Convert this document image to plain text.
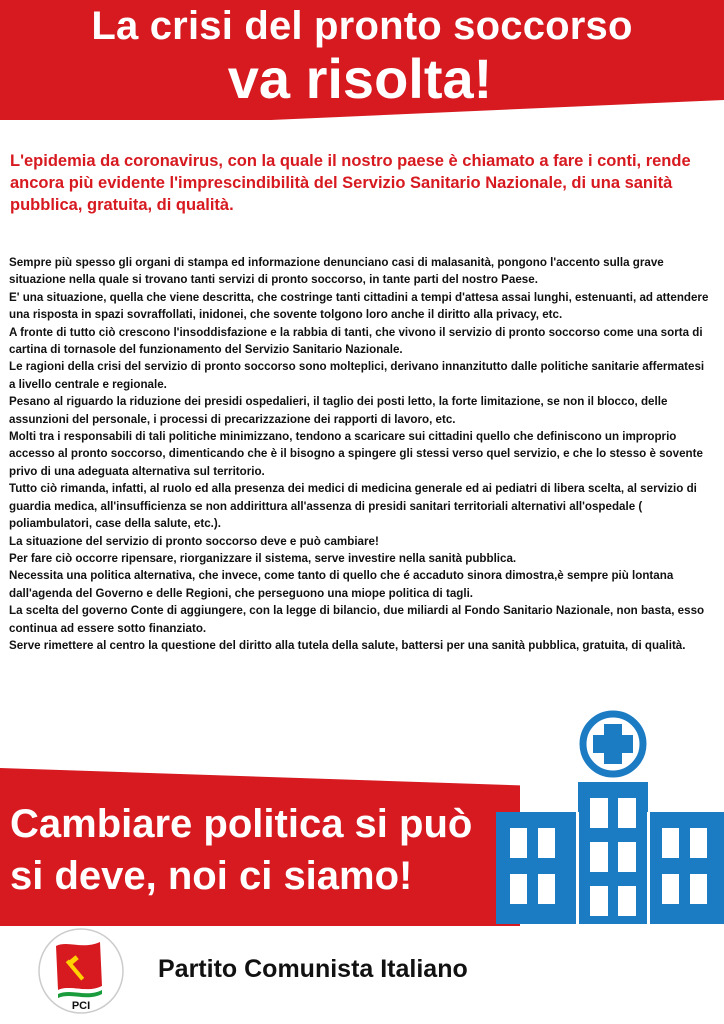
La crisi del pronto soccorso
va risolta!
L'epidemia da coronavirus, con la quale il nostro paese è chiamato a fare i conti, rende ancora più evidente l'imprescindibilità del Servizio Sanitario Nazionale, di una sanità pubblica, gratuita, di qualità.

Sempre più spesso gli organi di stampa ed informazione denunciano casi di malasanità, pongono l'accento sulla grave situazione nella quale si trovano tanti servizi di pronto soccorso, in tante parti del nostro Paese.

E' una situazione, quella che viene descritta, che costringe tanti cittadini a tempi d'attesa assai lunghi, estenuanti, ad attendere una risposta in spazi sovraffollati, inidonei, che sovente tolgono loro anche il diritto alla privacy, etc.

A fronte di tutto ciò crescono l'insoddisfazione e la rabbia di tanti, che vivono il servizio di pronto soccorso come una sorta di cartina di tornasole del funzionamento del Servizio Sanitario Nazionale.

Le ragioni della crisi del servizio di pronto soccorso sono molteplici, derivano innanzitutto dalle politiche sanitarie affermatesi a livello centrale e regionale.

Pesano al riguardo la riduzione dei presidi ospedalieri, il taglio dei posti letto, la forte limitazione, se non il blocco, delle assunzioni del personale, i processi di precarizzazione dei rapporti di lavoro, etc.

Molti tra i responsabili di tali politiche minimizzano, tendono a scaricare sui cittadini quello che definiscono un improprio accesso al pronto soccorso, dimenticando che è il bisogno a spingere gli stessi verso quel servizio, e che lo stesso è sovente privo di una adeguata alternativa sul territorio.

Tutto ciò rimanda, infatti, al ruolo ed alla presenza dei medici di medicina generale ed ai pediatri di libera scelta, al servizio di guardia medica, all'insufficienza se non addirittura all'assenza di presidi sanitari territoriali alternativi all'ospedale ( poliambulatori, case della salute, etc.).

La situazione del servizio di pronto soccorso deve e può cambiare!

Per fare ciò occorre ripensare, riorganizzare il sistema, serve investire nella sanità pubblica.

Necessita una politica alternativa, che invece, come tanto di quello che é accaduto sinora dimostra,è sempre più lontana dall'agenda del Governo e delle Regioni, che perseguono una miope politica di tagli.

La scelta del governo Conte di aggiungere, con la legge di bilancio, due miliardi al Fondo Sanitario Nazionale, non basta, esso continua ad essere sotto finanziato.

Serve rimettere al centro la questione del diritto alla tutela della salute, battersi per una sanità pubblica, gratuita, di qualità.

Cambiare politica si può
si deve, noi ci siamo!
PCI
Partito Comunista Italiano
